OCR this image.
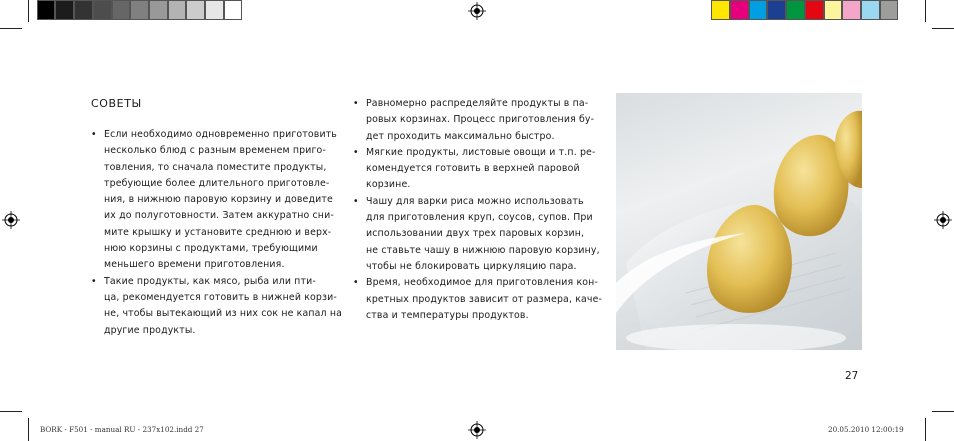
СОВЕТЫ
• Если необходимо одновременно приготовить
несколько блюд с разным временем приго-
товления, то сначала поместите продукты,
требующие более длительного приготовле-
ния, в нижнюю паровую корзину и доведите
их до полуготовности. Затем аккуратно сни-
мите крышку и установите среднюю и верх-
нюю корзины с продуктами, требующими
меньшего времени приготовления.
• Такие продукты, как мясо, рыба или пти-
ца, рекомендуется готовить в нижней корзи-
не, чтобы вытекающий из них сок не капал на
другие продукты.
• Равномерно распределяйте продукты в па-
ровых корзинах. Процесс приготовления бу-
дет проходить максимально быстро.
• Мягкие продукты, листовые овощи и т.п. ре-
комендуется готовить в верхней паровой
корзине.
• Чашу для варки риса можно использовать
для приготовления круп, соусов, супов. При
использовании двух трех паровых корзин,
не ставьте чашу в нижнюю паровую корзину,
чтобы не блокировать циркуляцию пара.
• Время, необходимое для приготовления кон-
кретных продуктов зависит от размера, каче-
ства и температуры продуктов.
27
BORK - F501 - manual RU - 237x102.indd 27	20.05.2010 12:00:19
